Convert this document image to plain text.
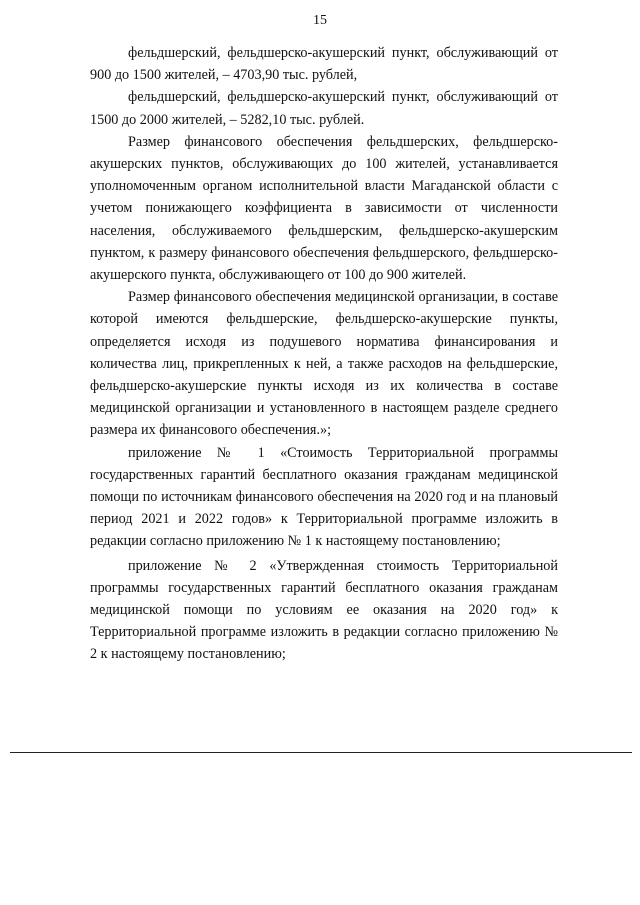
15

фельдшерский, фельдшерско-акушерский пункт, обслуживающий от 900 до 1500 жителей, – 4703,90 тыс. рублей,

фельдшерский, фельдшерско-акушерский пункт, обслуживающий от 1500 до 2000 жителей, – 5282,10 тыс. рублей.

Размер финансового обеспечения фельдшерских, фельдшерско-акушерских пунктов, обслуживающих до 100 жителей, устанавливается уполномоченным органом исполнительной власти Магаданской области с учетом понижающего коэффициента в зависимости от численности населения, обслуживаемого фельдшерским, фельдшерско-акушерским пунктом, к размеру финансового обеспечения фельдшерского, фельдшерско-акушерского пункта, обслуживающего от 100 до 900 жителей.

Размер финансового обеспечения медицинской организации, в составе которой имеются фельдшерские, фельдшерско-акушерские пункты, определяется исходя из подушевого норматива финансирования и количества лиц, прикрепленных к ней, а также расходов на фельдшерские, фельдшерско-акушерские пункты исходя из их количества в составе медицинской организации и установленного в настоящем разделе среднего размера их финансового обеспечения.»;

приложение № 1 «Стоимость Территориальной программы государственных гарантий бесплатного оказания гражданам медицинской помощи по источникам финансового обеспечения на 2020 год и на плановый период 2021 и 2022 годов» к Территориальной программе изложить в редакции согласно приложению № 1 к настоящему постановлению;

приложение № 2 «Утвержденная стоимость Территориальной программы государственных гарантий бесплатного оказания гражданам медицинской помощи по условиям ее оказания на 2020 год» к Территориальной программе изложить в редакции согласно приложению № 2 к настоящему постановлению;
